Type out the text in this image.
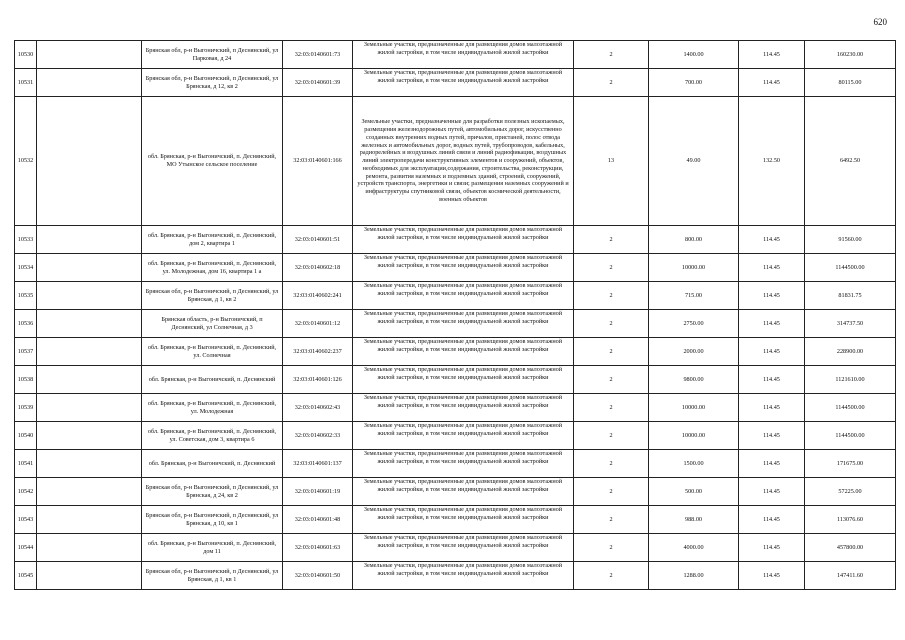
620
10530		Брянская обл, р-н Выгоничский, п Деснянский, ул Парковая, д 24	32:03:0140601:73	Земельные участки, предназначенные для размещения домов малоэтажной жилой застройки, в том числе индивидуальной жилой застройки	2	1400.00	114.45	160230.00
10531		Брянская обл, р-н Выгоничский, п Деснянский, ул Брянская, д 12, кв 2	32:03:0140601:39	Земельные участки, предназначенные для размещения домов малоэтажной жилой застройки, в том числе индивидуальной жилой застройки	2	700.00	114.45	80115.00
10532		обл. Брянская, р-н Выгоничский, п. Деснянский, МО Утынское сельское поселение	32:03:0140601:166	Земельные участки, предназначенные для разработки полезных ископаемых, размещения железнодорожных путей, автомобильных дорог, искусственно созданных внутренних водных путей, причалов, пристаней, полос отвода железных и автомобильных дорог, водных путей, трубопроводов, кабельных, радиорелейных и воздушных линий связи и линий радиофикации, воздушных линий электропередачи конструктивных элементов и сооружений, объектов, необходимых для эксплуатации,содержания, строительства, реконструкции, ремонта, развития наземных и подземных зданий, строений, сооружений, устройств транспорта, энергетики и связи; размещения наземных сооружений и инфраструктуры спутниковой связи, объектов космической деятельности, военных объектов	13	49.00	132.50	6492.50
10533		обл. Брянская, р-н Выгоничский, п. Деснянский, дом 2, квартира 1	32:03:0140601:51	Земельные участки, предназначенные для размещения домов малоэтажной жилой застройки, в том числе индивидуальной жилой застройки	2	800.00	114.45	91560.00
10534		обл. Брянская, р-н Выгоничский, п. Деснянский, ул. Молодежная, дом 16, квартира 1 а	32:03:0140602:18	Земельные участки, предназначенные для размещения домов малоэтажной жилой застройки, в том числе индивидуальной жилой застройки	2	10000.00	114.45	1144500.00
10535		Брянская обл, р-н Выгоничский, п Деснянский, ул Брянская, д 1, кв 2	32:03:0140602:241	Земельные участки, предназначенные для размещения домов малоэтажной жилой застройки, в том числе индивидуальной жилой застройки	2	715.00	114.45	81831.75
10536		Брянская область, р-н Выгоничский, п Деснянский, ул Солнечная, д 3	32:03:0140601:12	Земельные участки, предназначенные для размещения домов малоэтажной жилой застройки, в том числе индивидуальной жилой застройки	2	2750.00	114.45	314737.50
10537		обл. Брянская, р-н Выгоничский, п. Деснянский, ул. Солнечная	32:03:0140602:237	Земельные участки, предназначенные для размещения домов малоэтажной жилой застройки, в том числе индивидуальной жилой застройки	2	2000.00	114.45	228900.00
10538		обл. Брянская, р-н Выгоничский, п. Деснянский	32:03:0140601:126	Земельные участки, предназначенные для размещения домов малоэтажной жилой застройки, в том числе индивидуальной жилой застройки	2	9800.00	114.45	1121610.00
10539		обл. Брянская, р-н Выгоничский, п. Деснянский, ул. Молодежная	32:03:0140602:43	Земельные участки, предназначенные для размещения домов малоэтажной жилой застройки, в том числе индивидуальной жилой застройки	2	10000.00	114.45	1144500.00
10540		обл. Брянская, р-н Выгоничский, п. Деснянский, ул. Советская, дом 3, квартира 6	32:03:0140602:33	Земельные участки, предназначенные для размещения домов малоэтажной жилой застройки, в том числе индивидуальной жилой застройки	2	10000.00	114.45	1144500.00
10541		обл. Брянская, р-н Выгоничский, п. Деснянский	32:03:0140601:137	Земельные участки, предназначенные для размещения домов малоэтажной жилой застройки, в том числе индивидуальной жилой застройки	2	1500.00	114.45	171675.00
10542		Брянская обл, р-н Выгоничский, п Деснянский, ул Брянская, д 24, кв 2	32:03:0140601:19	Земельные участки, предназначенные для размещения домов малоэтажной жилой застройки, в том числе индивидуальной жилой застройки	2	500.00	114.45	57225.00
10543		Брянская обл, р-н Выгоничский, п Деснянский, ул Брянская, д 10, кв 1	32:03:0140601:48	Земельные участки, предназначенные для размещения домов малоэтажной жилой застройки, в том числе индивидуальной жилой застройки	2	988.00	114.45	113076.60
10544		обл. Брянская, р-н Выгоничский, п. Деснянский, дом 11	32:03:0140601:63	Земельные участки, предназначенные для размещения домов малоэтажной жилой застройки, в том числе индивидуальной жилой застройки	2	4000.00	114.45	457800.00
10545		Брянская обл, р-н Выгоничский, п Деснянский, ул Брянская, д 1, кв 1	32:03:0140601:50	Земельные участки, предназначенные для размещения домов малоэтажной жилой застройки, в том числе индивидуальной жилой застройки	2	1288.00	114.45	147411.60
